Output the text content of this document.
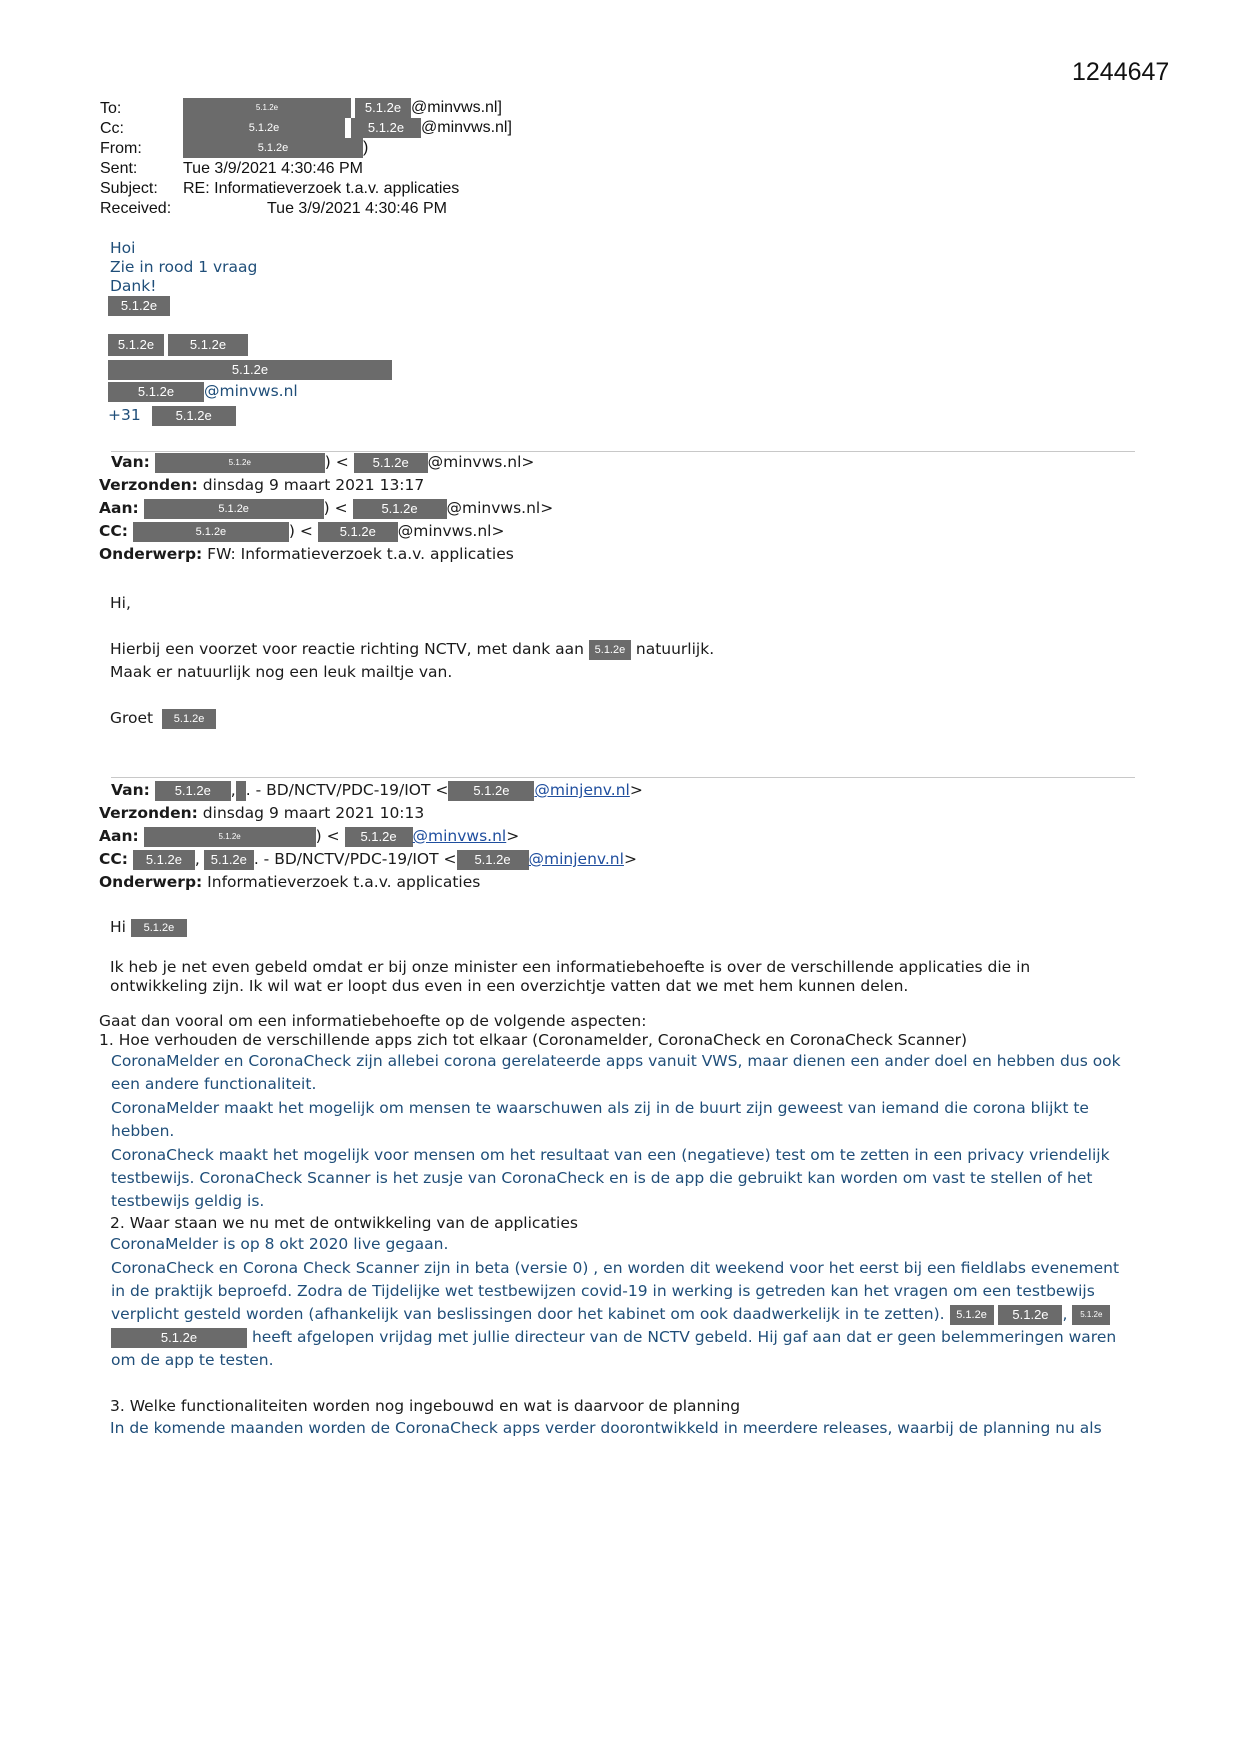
1244647
To:	5.1.2e	5.1.2e @minvws.nl]
Cc:	5.1.2e	5.1.2e @minvws.nl]
From:	5.1.2e	)
Sent:	Tue 3/9/2021 4:30:46 PM
Subject: RE: Informatieverzoek t.a.v. applicaties
Received:	Tue 3/9/2021 4:30:46 PM
Hoi
Zie in rood 1 vraag
Dank!
5.1.2e
5.1.2e	5.1.2e
5.1.2e
5.1.2e @minvws.nl
+31	5.1.2e
Van:	5.1.2e	) < 5.1.2e @minvws.nl>
Verzonden: dinsdag 9 maart 2021 13:17
Aan:	5.1.2e	) < 5.1.2e @minvws.nl>
CC:	5.1.2e	) < 5.1.2e @minvws.nl>
Onderwerp: FW: Informatieverzoek t.a.v. applicaties
Hi,
Hierbij een voorzet voor reactie richting NCTV, met dank aan 5.1.2e natuurlijk.
Maak er natuurlijk nog een leuk mailtje van.
Groet 5.1.2e
Van: 5.1.2e , . - BD/NCTV/PDC-19/IOT < 5.1.2e @minjenv.nl>
Verzonden: dinsdag 9 maart 2021 10:13
Aan:	5.1.2e	) < 5.1.2e @minvws.nl>
CC: 5.1.2e , 5.1.2e . - BD/NCTV/PDC-19/IOT < 5.1.2e @minjenv.nl>
Onderwerp: Informatieverzoek t.a.v. applicaties
Hi 5.1.2e
Ik heb je net even gebeld omdat er bij onze minister een informatiebehoefte is over de verschillende applicaties die in
ontwikkeling zijn. Ik wil wat er loopt dus even in een overzichtje vatten dat we met hem kunnen delen.
Gaat dan vooral om een informatiebehoefte op de volgende aspecten:
1. Hoe verhouden de verschillende apps zich tot elkaar (Coronamelder, CoronaCheck en CoronaCheck Scanner)
CoronaMelder en CoronaCheck zijn allebei corona gerelateerde apps vanuit VWS, maar dienen een ander doel en hebben dus ook een andere functionaliteit.
CoronaMelder maakt het mogelijk om mensen te waarschuwen als zij in de buurt zijn geweest van iemand die corona blijkt te hebben.
CoronaCheck maakt het mogelijk voor mensen om het resultaat van een (negatieve) test om te zetten in een privacy vriendelijk testbewijs. CoronaCheck Scanner is het zusje van CoronaCheck en is de app die gebruikt kan worden om vast te stellen of het testbewijs geldig is.
2. Waar staan we nu met de ontwikkeling van de applicaties
CoronaMelder is op 8 okt 2020 live gegaan.
CoronaCheck en Corona Check Scanner zijn in beta (versie 0) , en worden dit weekend voor het eerst bij een fieldlabs evenement in de praktijk beproefd. Zodra de Tijdelijke wet testbewijzen covid-19 in werking is getreden kan het vragen om een testbewijs verplicht gesteld worden (afhankelijk van beslissingen door het kabinet om ook daadwerkelijk in te zetten). 5.1.2e 5.1.2e , 5.1.2e 5.1.2e	heeft afgelopen vrijdag met jullie directeur van de NCTV gebeld. Hij gaf aan dat er geen belemmeringen waren om de app te testen.
3. Welke functionaliteiten worden nog ingebouwd en wat is daarvoor de planning
In de komende maanden worden de CoronaCheck apps verder doorontwikkeld in meerdere releases, waarbij de planning nu als
